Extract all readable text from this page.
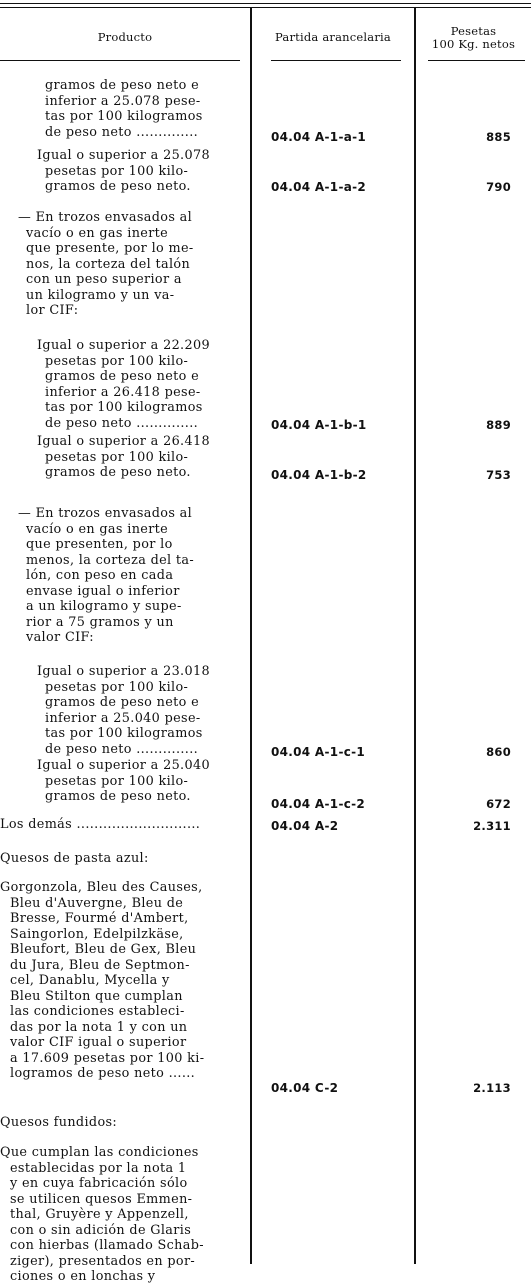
Producto	Partida arancelaria	Pesetas
100 Kg. netos
gramos de peso neto e
inferior a 25.078 pese-
tas por 100 kilogramos
de peso neto ..............	04.04 A-1-a-1	885
Igual o superior a 25.078
pesetas por 100 kilo-
gramos de peso neto.	04.04 A-1-a-2	790
— En trozos envasados al
vacío o en gas inerte
que presente, por lo me-
nos, la corteza del talón
con un peso superior a
un kilogramo y un va-
lor CIF:
Igual o superior a 22.209
pesetas por 100 kilo-
gramos de peso neto e
inferior a 26.418 pese-
tas por 100 kilogramos
de peso neto ..............	04.04 A-1-b-1	889
Igual o superior a 26.418
pesetas por 100 kilo-
gramos de peso neto.	04.04 A-1-b-2	753
— En trozos envasados al
vacío o en gas inerte
que presenten, por lo
menos, la corteza del ta-
lón, con peso en cada
envase igual o inferior
a un kilogramo y supe-
rior a 75 gramos y un
valor CIF:
Igual o superior a 23.018
pesetas por 100 kilo-
gramos de peso neto e
inferior a 25.040 pese-
tas por 100 kilogramos
de peso neto ..............	04.04 A-1-c-1	860
Igual o superior a 25.040
pesetas por 100 kilo-
gramos de peso neto.	04.04 A-1-c-2	672
Los demás ............................	04.04 A-2	2.311
Quesos de pasta azul:
Gorgonzola, Bleu des Causes,
Bleu d'Auvergne, Bleu de
Bresse, Fourmé d'Ambert,
Saingorlon, Edelpilzkäse,
Bleufort, Bleu de Gex, Bleu
du Jura, Bleu de Septmon-
cel, Danablu, Mycella y
Bleu Stilton que cumplan
las condiciones estableci-
das por la nota 1 y con un
valor CIF igual o superior
a 17.609 pesetas por 100 ki-
logramos de peso neto ......
04.04 C-2	2.113
Quesos fundidos:
Que cumplan las condiciones
establecidas por la nota 1
y en cuya fabricación sólo
se utilicen quesos Emmen-
thal, Gruyère y Appenzell,
con o sin adición de Glaris
con hierbas (llamado Schab-
ziger), presentados en por-
ciones o en lonchas y
